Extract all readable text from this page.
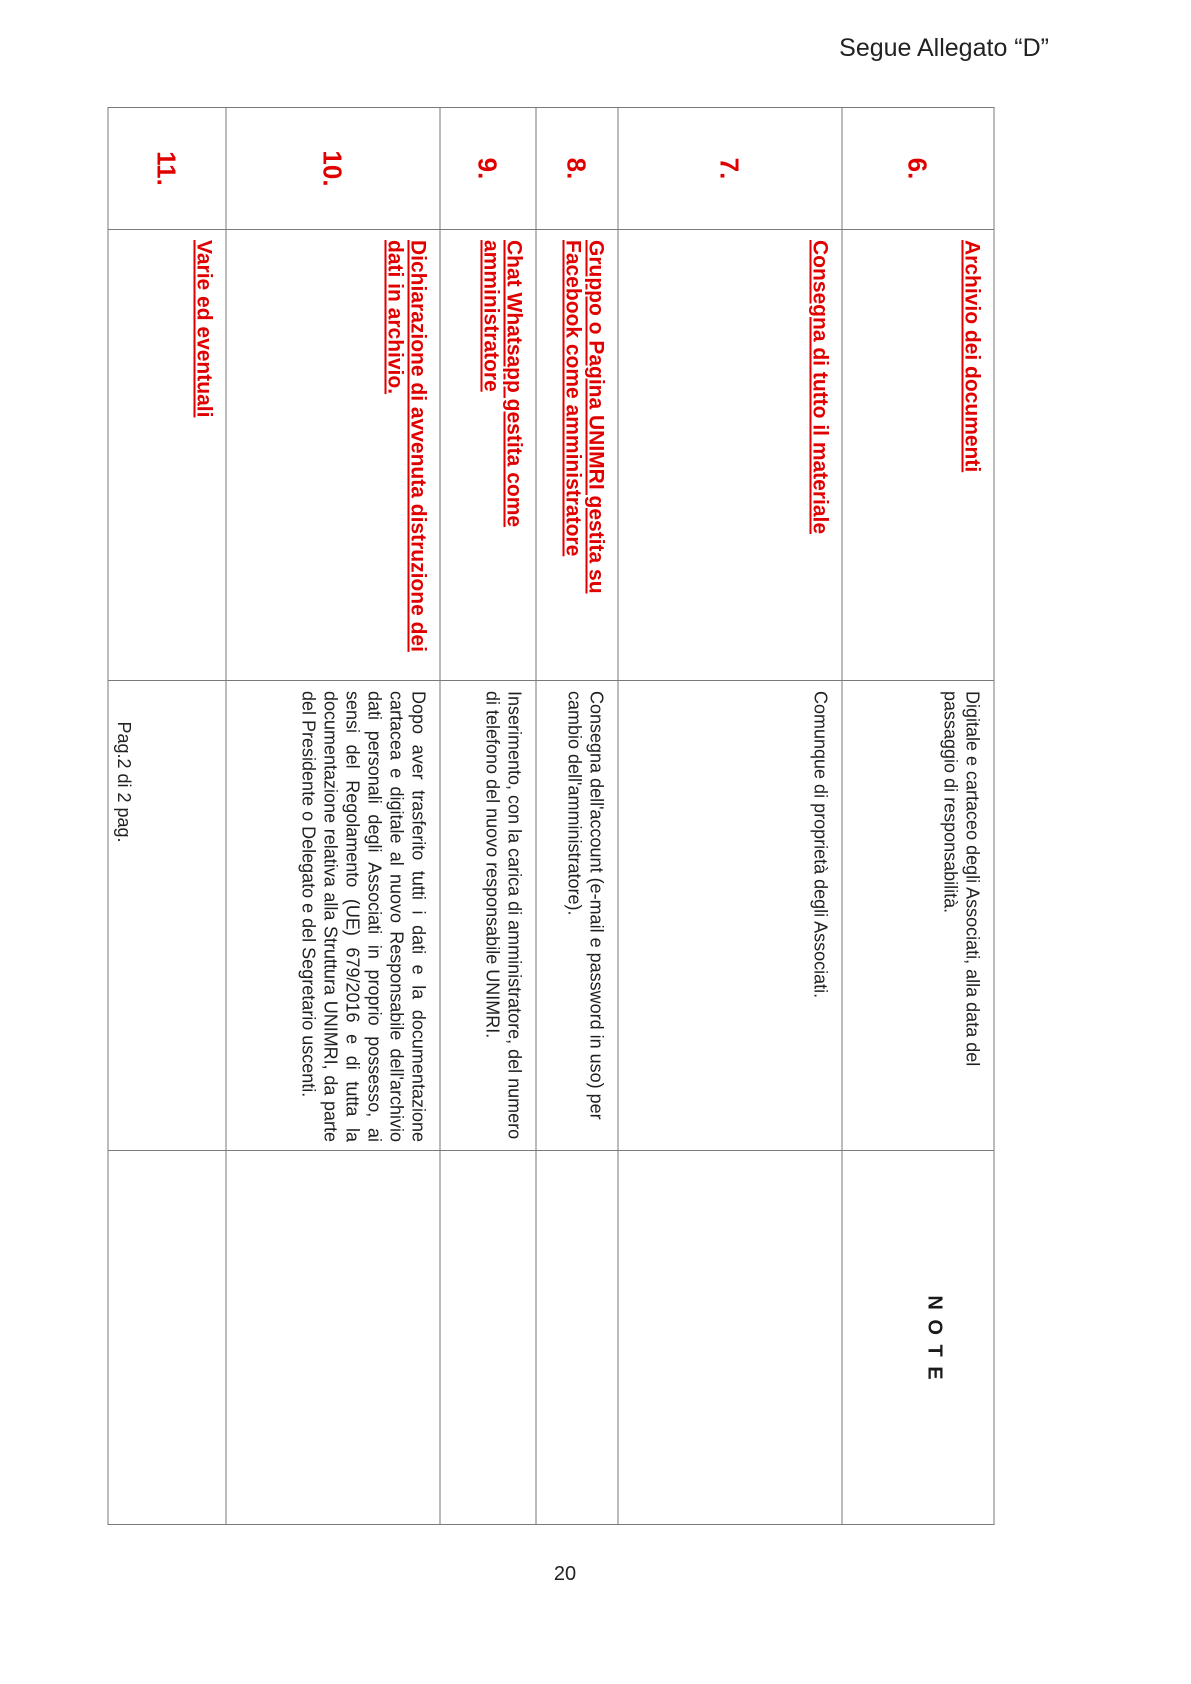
Segue Allegato “D”
Pag.2 di 2 pag.
6.	Archivio dei documenti	Digitale e cartaceo degli Associati, alla data del passaggio di responsabilità.	N O T E
7.	Consegna di tutto il materiale	Comunque di proprietà degli Associati.	
8.	Gruppo o Pagina UNIMRI gestita su Facebook come amministratore	Consegna dell'account (e-mail e password in uso) per cambio dell'amministratore).	
9.	Chat Whatsapp gestita come amministratore	Inserimento, con la carica di amministratore, del numero di telefono del nuovo responsabile UNIMRI.	
10.	Dichiarazione di avvenuta distruzione dei dati in archivio.	Dopo aver trasferito tutti i dati e la documentazione cartacea e digitale al nuovo Responsabile dell'archivio dati personali degli Associati in proprio possesso, ai sensi del Regolamento (UE) 679/2016 e di tutta la documentazione relativa alla Struttura UNIMRI, da parte del Presidente o Delegato e del Segretario uscenti.	
11.	Varie ed eventuali		
20
